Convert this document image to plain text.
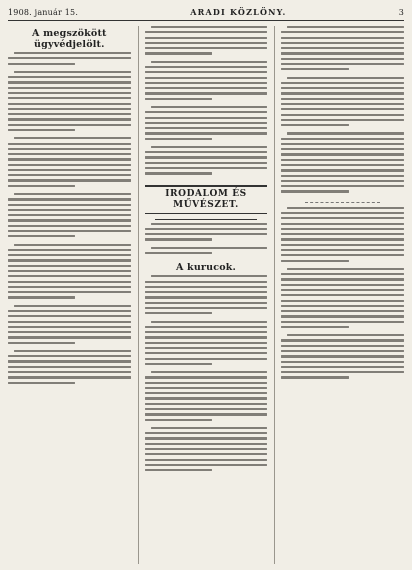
1908. január 15.	ARADI KÖZLÖNY.	3
A megszökött ügyvédjelölt.
IRODALOM ÉS MŰVÉSZET.
A kurucok.
